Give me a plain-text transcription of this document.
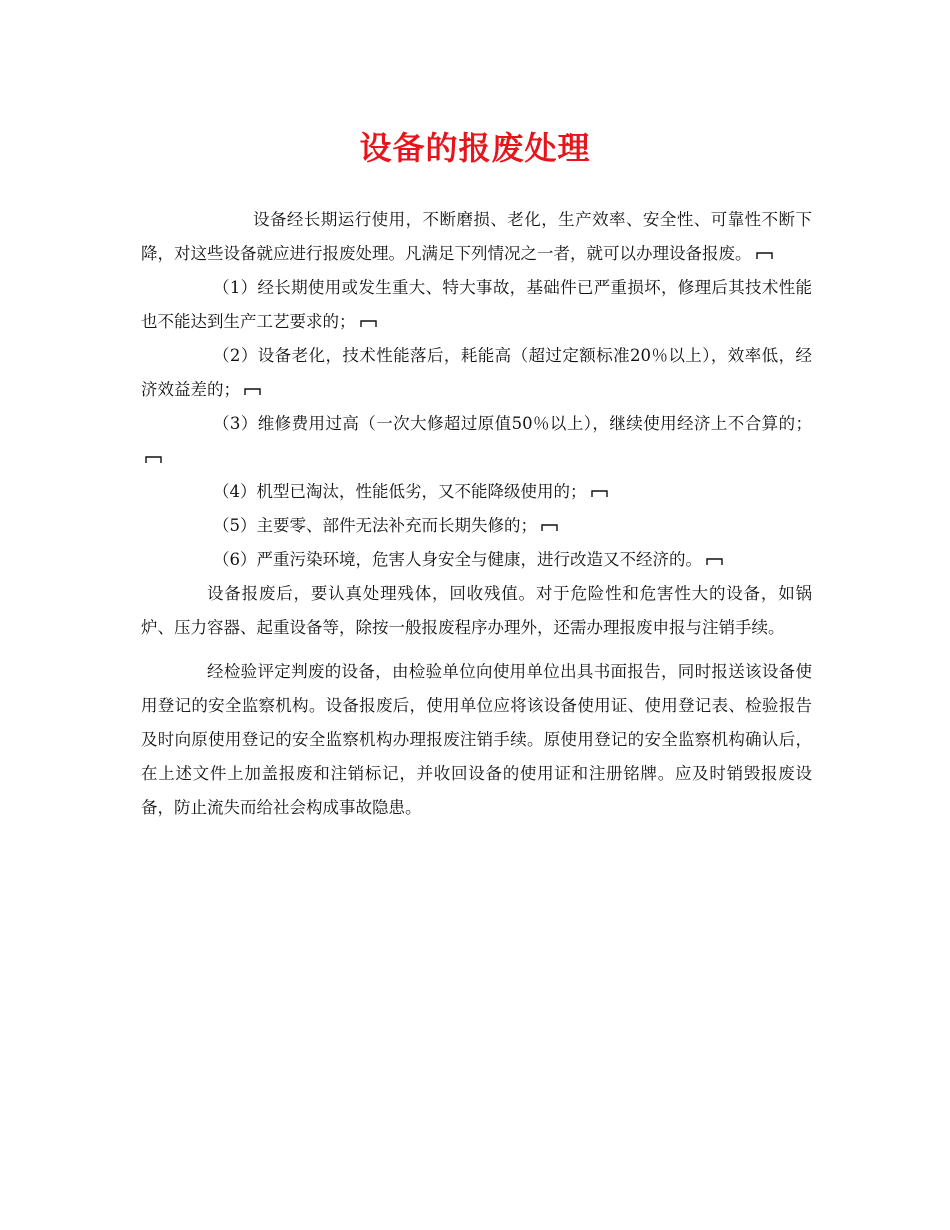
设备的报废处理

设备经长期运行使用，不断磨损、老化，生产效率、安全性、可靠性不断下降，对这些设备就应进行报废处理。凡满足下列情况之一者，就可以办理设备报废。

（1）经长期使用或发生重大、特大事故，基础件已严重损坏，修理后其技术性能也不能达到生产工艺要求的；

（2）设备老化，技术性能落后，耗能高（超过定额标准20％以上），效率低，经济效益差的；

（3）维修费用过高（一次大修超过原值50％以上），继续使用经济上不合算的；

（4）机型已淘汰，性能低劣，又不能降级使用的；

（5）主要零、部件无法补充而长期失修的；

（6）严重污染环境，危害人身安全与健康，进行改造又不经济的。

设备报废后，要认真处理残体，回收残值。对于危险性和危害性大的设备，如锅炉、压力容器、起重设备等，除按一般报废程序办理外，还需办理报废申报与注销手续。

经检验评定判废的设备，由检验单位向使用单位出具书面报告，同时报送该设备使用登记的安全监察机构。设备报废后，使用单位应将该设备使用证、使用登记表、检验报告及时向原使用登记的安全监察机构办理报废注销手续。原使用登记的安全监察机构确认后，在上述文件上加盖报废和注销标记，并收回设备的使用证和注册铭牌。应及时销毁报废设备，防止流失而给社会构成事故隐患。
